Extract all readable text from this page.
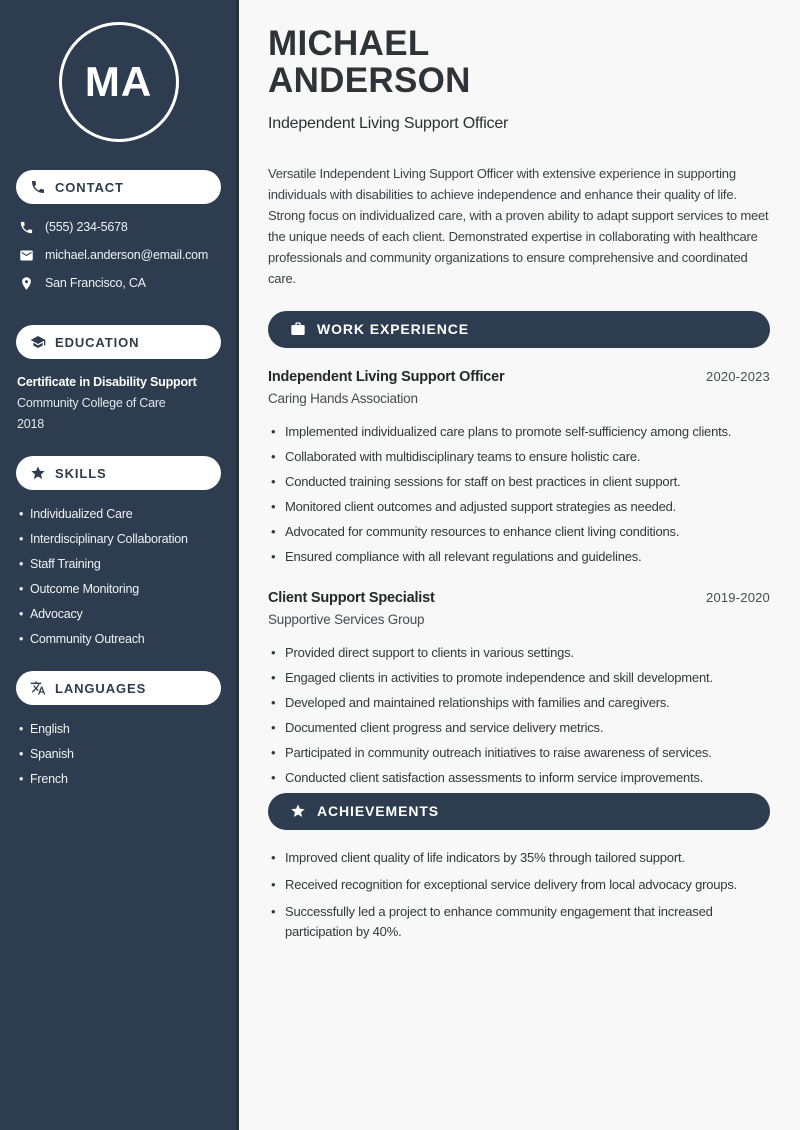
MA
CONTACT
(555) 234-5678
michael.anderson@email.com
San Francisco, CA
EDUCATION
Certificate in Disability Support
Community College of Care
2018
SKILLS
• Individualized Care
• Interdisciplinary Collaboration
• Staff Training
• Outcome Monitoring
• Advocacy
• Community Outreach
LANGUAGES
• English
• Spanish
• French
MICHAEL
ANDERSON
Independent Living Support Officer

Versatile Independent Living Support Officer with extensive experience in supporting individuals with disabilities to achieve independence and enhance their quality of life. Strong focus on individualized care, with a proven ability to adapt support services to meet the unique needs of each client. Demonstrated expertise in collaborating with healthcare professionals and community organizations to ensure comprehensive and coordinated care.

WORK EXPERIENCE
Independent Living Support Officer	2020-2023
Caring Hands Association
• Implemented individualized care plans to promote self-sufficiency among clients.
• Collaborated with multidisciplinary teams to ensure holistic care.
• Conducted training sessions for staff on best practices in client support.
• Monitored client outcomes and adjusted support strategies as needed.
• Advocated for community resources to enhance client living conditions.
• Ensured compliance with all relevant regulations and guidelines.
Client Support Specialist	2019-2020
Supportive Services Group
• Provided direct support to clients in various settings.
• Engaged clients in activities to promote independence and skill development.
• Developed and maintained relationships with families and caregivers.
• Documented client progress and service delivery metrics.
• Participated in community outreach initiatives to raise awareness of services.
• Conducted client satisfaction assessments to inform service improvements.
ACHIEVEMENTS
• Improved client quality of life indicators by 35% through tailored support.
• Received recognition for exceptional service delivery from local advocacy groups.
• Successfully led a project to enhance community engagement that increased participation by 40%.
